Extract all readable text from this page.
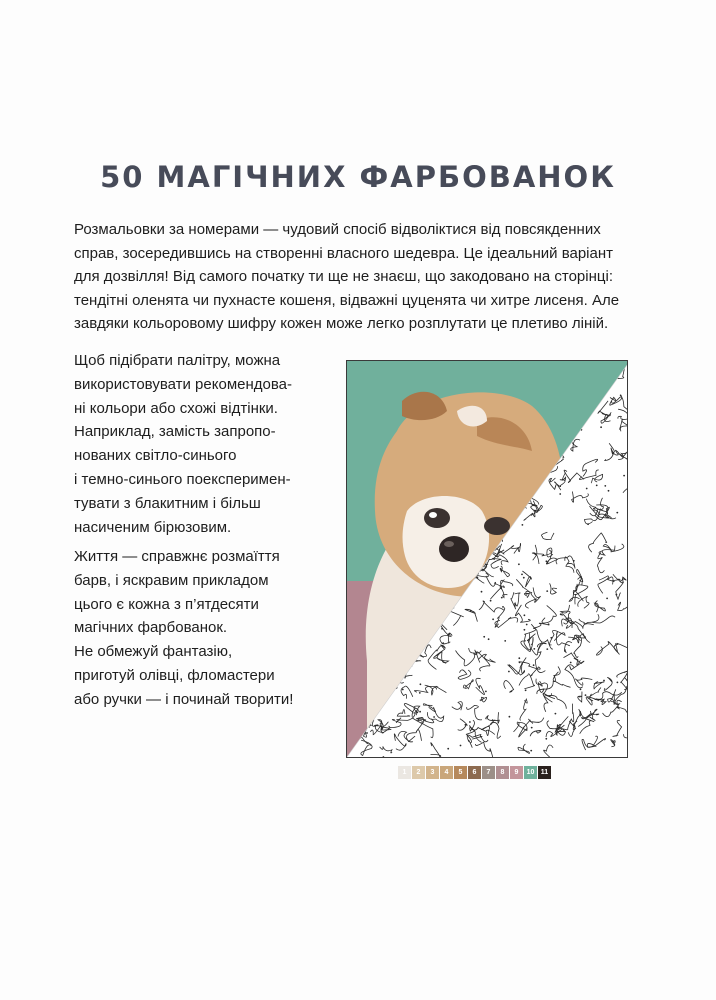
50 МАГІЧНИХ ФАРБОВАНОК

Розмальовки за номерами — чудовий спосіб відволіктися від повсякденних
справ, зосередившись на створенні власного шедевра. Це ідеальний варіант
для дозвілля! Від самого початку ти ще не знаєш, що закодовано на сторінці:
тендітні оленята чи пухнасте кошеня, відважні цуценята чи хитре лисеня. Але
завдяки кольоровому шифру кожен може легко розплутати це плетиво ліній.

Щоб підібрати палітру, можна
використовувати рекомендова-
ні кольори або схожі відтінки.
Наприклад, замість запропо-
нованих світло-синього
і темно-синього поексперимен-
тувати з блакитним і більш
насиченим бірюзовим.

Життя — справжнє розмаїття
барв, і яскравим прикладом
цього є кожна з п’ятдесяти
магічних фарбованок.
Не обмежуй фантазію,
приготуй олівці, фломастери
або ручки — і починай творити!

1	2	3	4	5	6	7	8	9	10 11
